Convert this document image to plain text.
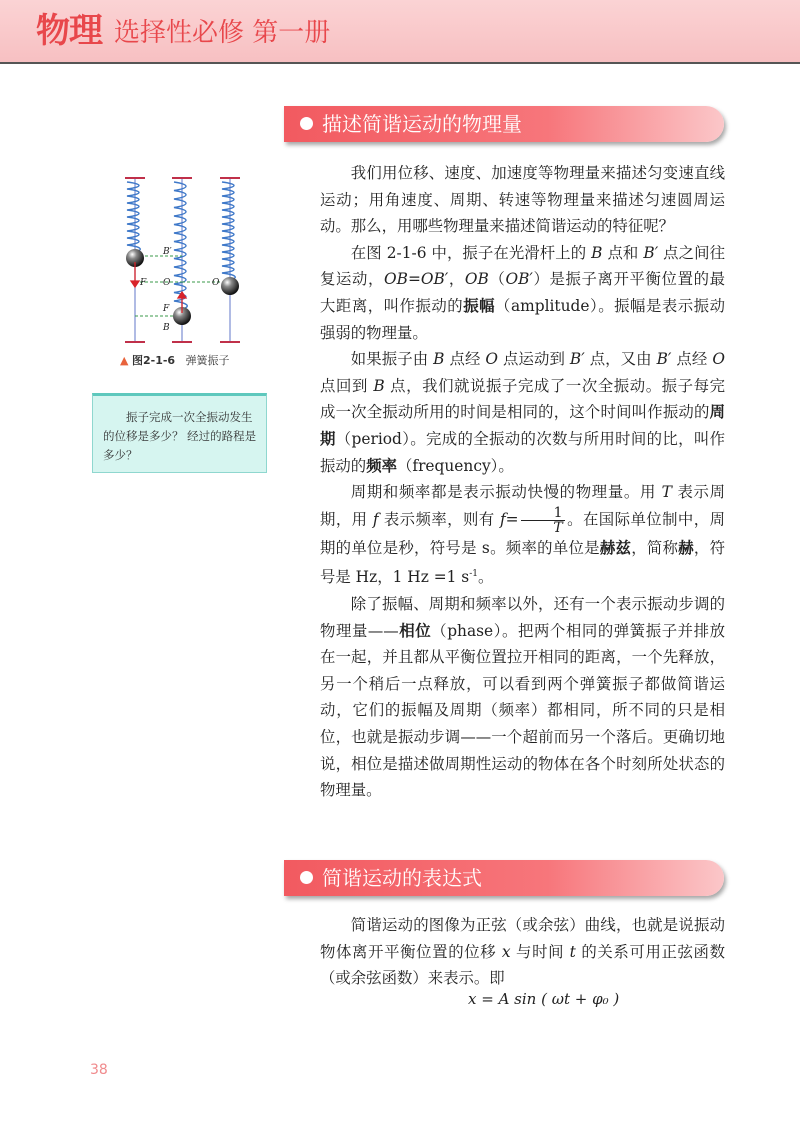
物理 选择性必修 第一册
描述简谐运动的物理量
B′
O	O
F
F
B
▲ 图2-1-6 弹簧振子
振子完成一次全振动发生的位移是多少？ 经过的路程是多少？

我们用位移、速度、加速度等物理量来描述匀变速直线运动；用角速度、周期、转速等物理量来描述匀速圆周运动。那么，用哪些物理量来描述简谐运动的特征呢？

在图 2-1-6 中，振子在光滑杆上的 B 点和 B′ 点之间往复运动，OB=OB′，OB（OB′）是振子离开平衡位置的最大距离，叫作振动的振幅（amplitude）。振幅是表示振动强弱的物理量。

如果振子由 B 点经 O 点运动到 B′ 点，又由 B′ 点经 O 点回到 B 点，我们就说振子完成了一次全振动。振子每完成一次全振动所用的时间是相同的，这个时间叫作振动的周期（period）。完成的全振动的次数与所用时间的比，叫作振动的频率（frequency）。

周期和频率都是表示振动快慢的物理量。用 T 表示周期，用 f 表示频率，则有 $f= \frac{1}{T}$ 。在国际单位制中，周期的单位是秒，符号是 s。频率的单位是赫兹，简称赫，符号是 Hz，1 Hz =1 $s^{-1}$。

除了振幅、周期和频率以外，还有一个表示振动步调的物理量——相位（phase）。把两个相同的弹簧振子并排放在一起，并且都从平衡位置拉开相同的距离，一个先释放，另一个稍后一点释放，可以看到两个弹簧振子都做简谐运动，它们的振幅及周期（频率）都相同，所不同的只是相位，也就是振动步调——一个超前而另一个落后。更确切地说，相位是描述做周期性运动的物体在各个时刻所处状态的物理量。

简谐运动的表达式

简谐运动的图像为正弦（或余弦）曲线，也就是说振动物体离开平衡位置的位移 x 与时间 t 的关系可用正弦函数（或余弦函数）来表示。即

x = A sin ( ωt + φ₀ )
38
